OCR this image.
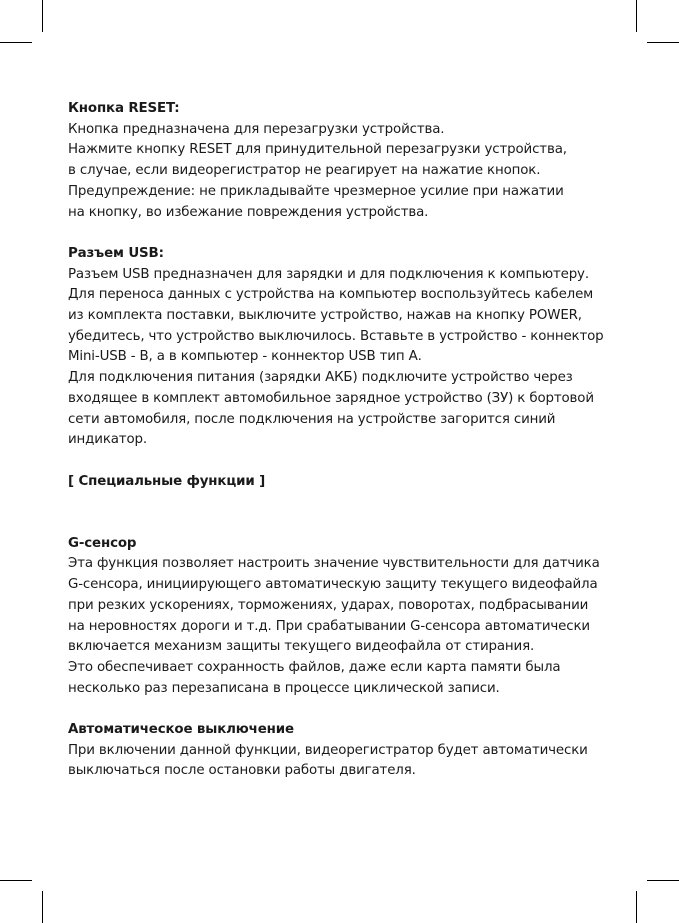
Кнопка RESET:
Кнопка предназначена для перезагрузки устройства.
Нажмите кнопку RESET для принудительной перезагрузки устройства,
в случае, если видеорегистратор не реагирует на нажатие кнопок.
Предупреждение: не прикладывайте чрезмерное усилие при нажатии
на кнопку, во избежание повреждения устройства.
Разъем USB:
Разъем USB предназначен для зарядки и для подключения к компьютеру.
Для переноса данных с устройства на компьютер воспользуйтесь кабелем
из комплекта поставки, выключите устройство, нажав на кнопку POWER,
убедитесь, что устройство выключилось. Вставьте в устройство - коннектор
Mini-USB - B, а в компьютер - коннектор USB тип А.
Для подключения питания (зарядки АКБ) подключите устройство через
входящее в комплект автомобильное зарядное устройство (ЗУ) к бортовой
сети автомобиля, после подключения на устройстве загорится синий
индикатор.
[ Специальные функции ]
G-сенсор
Эта функция позволяет настроить значение чувствительности для датчика
G-сенсора, инициирующего автоматическую защиту текущего видеофайла
при резких ускорениях, торможениях, ударах, поворотах, подбрасывании
на неровностях дороги и т.д. При срабатывании G-сенсора автоматически
включается механизм защиты текущего видеофайла от стирания.
Это обеспечивает сохранность файлов, даже если карта памяти была
несколько раз перезаписана в процессе циклической записи.
Автоматическое выключение
При включении данной функции, видеорегистратор будет автоматически
выключаться после остановки работы двигателя.
